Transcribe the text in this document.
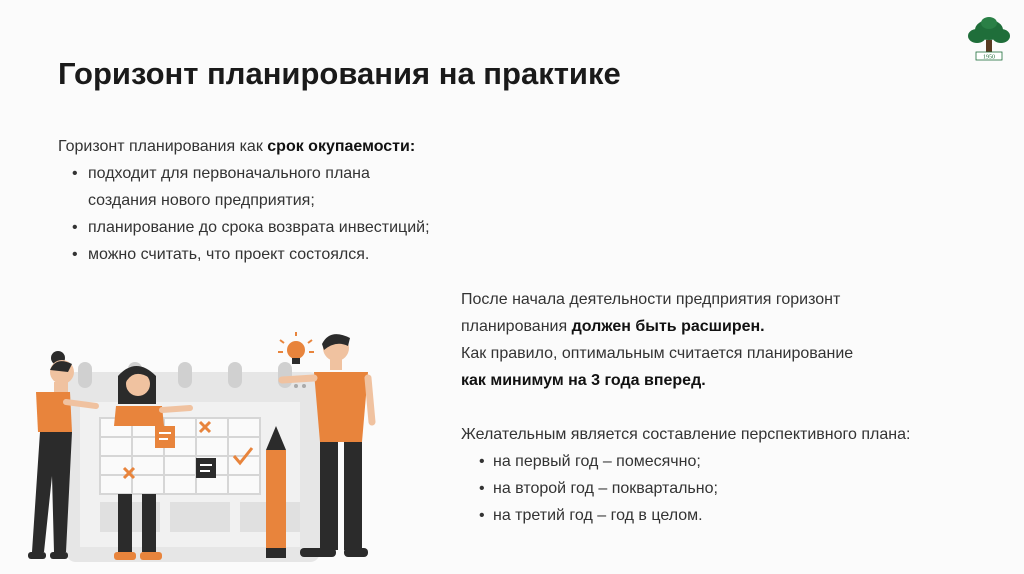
1950
Горизонт планирования на практике

Горизонт планирования как срок окупаемости:

• подходит для первоначального плана
создания нового предприятия;
• планирование до срока возврата инвестиций;
• можно считать, что проект состоялся.

После начала деятельности предприятия горизонт

планирования должен быть расширен.

Как правило, оптимальным считается планирование

как минимум на 3 года вперед.

Желательным является составление перспективного плана:

• на первый год – помесячно;
• на второй год – поквартально;
• на третий год – год в целом.
